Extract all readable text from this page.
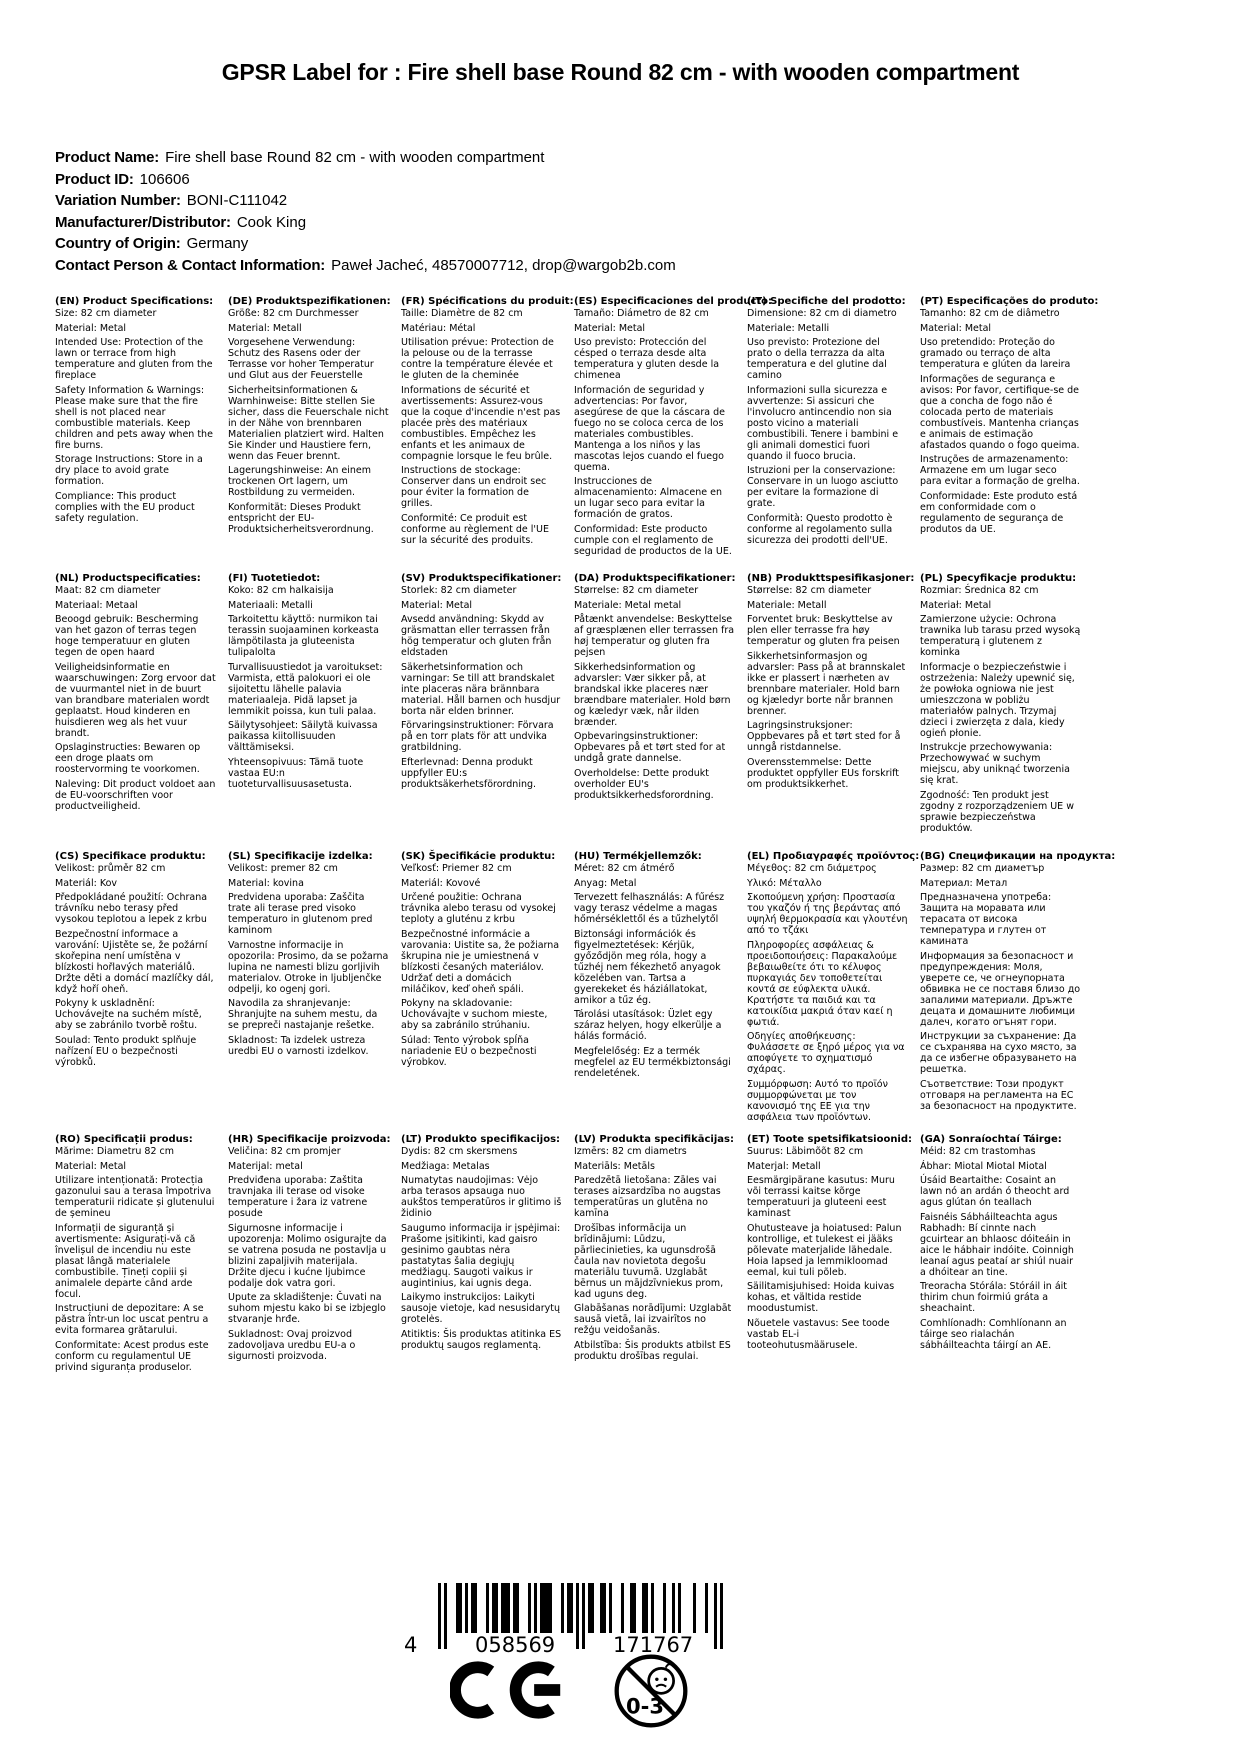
GPSR Label for : Fire shell base Round 82 cm - with wooden compartment
Product Name: Fire shell base Round 82 cm - with wooden compartment
Product ID: 106606
Variation Number: BONI-C111042
Manufacturer/Distributor: Cook King
Country of Origin: Germany
Contact Person & Contact Information: Paweł Jacheć, 48570007712, drop@wargob2b.com

(EN) Product Specifications:

Size: 82 cm diameter

Material: Metal

Intended Use: Protection of the lawn or terrace from high temperature and gluten from the fireplace

Safety Information & Warnings: Please make sure that the fire shell is not placed near combustible materials. Keep children and pets away when the fire burns.

Storage Instructions: Store in a dry place to avoid grate formation.

Compliance: This product complies with the EU product safety regulation.

(DE) Produktspezifikationen:

Größe: 82 cm Durchmesser

Material: Metall

Vorgesehene Verwendung: Schutz des Rasens oder der Terrasse vor hoher Temperatur und Glut aus der Feuerstelle

Sicherheitsinformationen & Warnhinweise: Bitte stellen Sie sicher, dass die Feuerschale nicht in der Nähe von brennbaren Materialien platziert wird. Halten Sie Kinder und Haustiere fern, wenn das Feuer brennt.

Lagerungshinweise: An einem trockenen Ort lagern, um Rostbildung zu vermeiden.

Konformität: Dieses Produkt entspricht der EU-Produktsicherheitsverordnung.

(FR) Spécifications du produit:

Taille: Diamètre de 82 cm

Matériau: Métal

Utilisation prévue: Protection de la pelouse ou de la terrasse contre la température élevée et le gluten de la cheminée

Informations de sécurité et avertissements: Assurez-vous que la coque d'incendie n'est pas placée près des matériaux combustibles. Empêchez les enfants et les animaux de compagnie lorsque le feu brûle.

Instructions de stockage: Conserver dans un endroit sec pour éviter la formation de grilles.

Conformité: Ce produit est conforme au règlement de l'UE sur la sécurité des produits.

(ES) Especificaciones del producto:

Tamaño: Diámetro de 82 cm

Material: Metal

Uso previsto: Protección del césped o terraza desde alta temperatura y gluten desde la chimenea

Información de seguridad y advertencias: Por favor, asegúrese de que la cáscara de fuego no se coloca cerca de los materiales combustibles. Mantenga a los niños y las mascotas lejos cuando el fuego quema.

Instrucciones de almacenamiento: Almacene en un lugar seco para evitar la formación de gratos.

Conformidad: Este producto cumple con el reglamento de seguridad de productos de la UE.

(IT) Specifiche del prodotto:

Dimensione: 82 cm di diametro

Materiale: Metalli

Uso previsto: Protezione del prato o della terrazza da alta temperatura e del glutine dal camino

Informazioni sulla sicurezza e avvertenze: Si assicuri che l'involucro antincendio non sia posto vicino a materiali combustibili. Tenere i bambini e gli animali domestici fuori quando il fuoco brucia.

Istruzioni per la conservazione: Conservare in un luogo asciutto per evitare la formazione di grate.

Conformità: Questo prodotto è conforme al regolamento sulla sicurezza dei prodotti dell'UE.

(PT) Especificações do produto:

Tamanho: 82 cm de diâmetro

Material: Metal

Uso pretendido: Proteção do gramado ou terraço de alta temperatura e glúten da lareira

Informações de segurança e avisos: Por favor, certifique-se de que a concha de fogo não é colocada perto de materiais combustíveis. Mantenha crianças e animais de estimação afastados quando o fogo queima.

Instruções de armazenamento: Armazene em um lugar seco para evitar a formação de grelha.

Conformidade: Este produto está em conformidade com o regulamento de segurança de produtos da UE.

(NL) Productspecificaties:

Maat: 82 cm diameter

Materiaal: Metaal

Beoogd gebruik: Bescherming van het gazon of terras tegen hoge temperatuur en gluten tegen de open haard

Veiligheidsinformatie en waarschuwingen: Zorg ervoor dat de vuurmantel niet in de buurt van brandbare materialen wordt geplaatst. Houd kinderen en huisdieren weg als het vuur brandt.

Opslaginstructies: Bewaren op een droge plaats om roostervorming te voorkomen.

Naleving: Dit product voldoet aan de EU-voorschriften voor productveiligheid.

(FI) Tuotetiedot:

Koko: 82 cm halkaisija

Materiaali: Metalli

Tarkoitettu käyttö: nurmikon tai terassin suojaaminen korkeasta lämpötilasta ja gluteenista tulipalolta

Turvallisuustiedot ja varoitukset: Varmista, että palokuori ei ole sijoitettu lähelle palavia materiaaleja. Pidä lapset ja lemmikit poissa, kun tuli palaa.

Säilytysohjeet: Säilytä kuivassa paikassa kiitollisuuden välttämiseksi.

Yhteensopivuus: Tämä tuote vastaa EU:n tuoteturvallisuusasetusta.

(SV) Produktspecifikationer:

Storlek: 82 cm diameter

Material: Metal

Avsedd användning: Skydd av gräsmattan eller terrassen från hög temperatur och gluten från eldstaden

Säkerhetsinformation och varningar: Se till att brandskalet inte placeras nära brännbara material. Håll barnen och husdjur borta när elden brinner.

Förvaringsinstruktioner: Förvara på en torr plats för att undvika gratbildning.

Efterlevnad: Denna produkt uppfyller EU:s produktsäkerhetsförordning.

(DA) Produktspecifikationer:

Størrelse: 82 cm diameter

Materiale: Metal metal

Påtænkt anvendelse: Beskyttelse af græsplænen eller terrassen fra høj temperatur og gluten fra pejsen

Sikkerhedsinformation og advarsler: Vær sikker på, at brandskal ikke placeres nær brændbare materialer. Hold børn og kæledyr væk, når ilden brænder.

Opbevaringsinstruktioner: Opbevares på et tørt sted for at undgå grate dannelse.

Overholdelse: Dette produkt overholder EU's produktsikkerhedsforordning.

(NB) Produkttspesifikasjoner:

Størrelse: 82 cm diameter

Materiale: Metall

Forventet bruk: Beskyttelse av plen eller terrasse fra høy temperatur og gluten fra peisen

Sikkerhetsinformasjon og advarsler: Pass på at brannskalet ikke er plassert i nærheten av brennbare materialer. Hold barn og kjæledyr borte når brannen brenner.

Lagringsinstruksjoner: Oppbevares på et tørt sted for å unngå ristdannelse.

Overensstemmelse: Dette produktet oppfyller EUs forskrift om produktsikkerhet.

(PL) Specyfikacje produktu:

Rozmiar: Średnica 82 cm

Materiał: Metal

Zamierzone użycie: Ochrona trawnika lub tarasu przed wysoką temperaturą i glutenem z kominka

Informacje o bezpieczeństwie i ostrzeżenia: Należy upewnić się, że powłoka ogniowa nie jest umieszczona w pobliżu materiałów palnych. Trzymaj dzieci i zwierzęta z dala, kiedy ogień płonie.

Instrukcje przechowywania: Przechowywać w suchym miejscu, aby uniknąć tworzenia się krat.

Zgodność: Ten produkt jest zgodny z rozporządzeniem UE w sprawie bezpieczeństwa produktów.

(CS) Specifikace produktu:

Velikost: průměr 82 cm

Materiál: Kov

Předpokládané použití: Ochrana trávníku nebo terasy před vysokou teplotou a lepek z krbu

Bezpečnostní informace a varování: Ujistěte se, že požární skořepina není umístěna v blízkosti hořlavých materiálů. Držte děti a domácí mazlíčky dál, když hoří oheň.

Pokyny k uskladnění: Uchovávejte na suchém místě, aby se zabránilo tvorbě roštu.

Soulad: Tento produkt splňuje nařízení EU o bezpečnosti výrobků.

(SL) Specifikacije izdelka:

Velikost: premer 82 cm

Material: kovina

Predvidena uporaba: Zaščita trate ali terase pred visoko temperaturo in glutenom pred kaminom

Varnostne informacije in opozorila: Prosimo, da se požarna lupina ne namesti blizu gorljivih materialov. Otroke in ljubljenčke odpelji, ko ogenj gori.

Navodila za shranjevanje: Shranjujte na suhem mestu, da se prepreči nastajanje rešetke.

Skladnost: Ta izdelek ustreza uredbi EU o varnosti izdelkov.

(SK) Špecifikácie produktu:

Veľkosť: Priemer 82 cm

Materiál: Kovové

Určené použitie: Ochrana trávnika alebo terasu od vysokej teploty a gluténu z krbu

Bezpečnostné informácie a varovania: Uistite sa, že požiarna škrupina nie je umiestnená v blízkosti česaných materiálov. Udržať deti a domácich miláčikov, keď oheň spáli.

Pokyny na skladovanie: Uchovávajte v suchom mieste, aby sa zabránilo strúhaniu.

Súlad: Tento výrobok spĺňa nariadenie EÚ o bezpečnosti výrobkov.

(HU) Termékjellemzők:

Méret: 82 cm átmérő

Anyag: Metal

Tervezett felhasználás: A fűrész vagy terasz védelme a magas hőmérséklettől és a tűzhelytől

Biztonsági információk és figyelmeztetések: Kérjük, győződjön meg róla, hogy a tűzhéj nem fékezhető anyagok közelében van. Tartsa a gyerekeket és háziállatokat, amikor a tűz ég.

Tárolási utasítások: Üzlet egy száraz helyen, hogy elkerülje a hálás formáció.

Megfelelőség: Ez a termék megfelel az EU termékbiztonsági rendeletének.

(EL) Προδιαγραφές προϊόντος:

Μέγεθος: 82 cm διάμετρος

Υλικό: Μέταλλο

Σκοπούμενη χρήση: Προστασία του γκαζόν ή της βεράντας από υψηλή θερμοκρασία και γλουτένη από το τζάκι

Πληροφορίες ασφάλειας & προειδοποιήσεις: Παρακαλούμε βεβαιωθείτε ότι το κέλυφος πυρκαγιάς δεν τοποθετείται κοντά σε εύφλεκτα υλικά. Κρατήστε τα παιδιά και τα κατοικίδια μακριά όταν καεί η φωτιά.

Οδηγίες αποθήκευσης: Φυλάσσετε σε ξηρό μέρος για να αποφύγετε το σχηματισμό σχάρας.

Συμμόρφωση: Αυτό το προϊόν συμμορφώνεται με τον κανονισμό της ΕΕ για την ασφάλεια των προϊόντων.

(BG) Спецификации на продукта:

Размер: 82 cm диаметър

Материал: Метал

Предназначена употреба: Защита на моравата или терасата от висока температура и глутен от камината

Информация за безопасност и предупреждения: Моля, уверете се, че огнеупорната обвивка не се поставя близо до запалими материали. Дръжте децата и домашните любимци далеч, когато огънят гори.

Инструкции за съхранение: Да се съхранява на сухо място, за да се избегне образуването на решетка.

Съответствие: Този продукт отговаря на регламента на ЕС за безопасност на продуктите.

(RO) Specificații produs:

Mărime: Diametru 82 cm

Material: Metal

Utilizare intenționată: Protecția gazonului sau a terasa împotriva temperaturii ridicate și glutenului de șemineu

Informații de siguranță și avertismente: Asigurați-vă că învelișul de incendiu nu este plasat lângă materialele combustibile. Țineți copiii și animalele departe când arde focul.

Instrucțiuni de depozitare: A se păstra într-un loc uscat pentru a evita formarea grătarului.

Conformitate: Acest produs este conform cu regulamentul UE privind siguranța produselor.

(HR) Specifikacije proizvoda:

Veličina: 82 cm promjer

Materijal: metal

Predviđena uporaba: Zaštita travnjaka ili terase od visoke temperature i žara iz vatrene posude

Sigurnosne informacije i upozorenja: Molimo osigurajte da se vatrena posuda ne postavlja u blizini zapaljivih materijala. Držite djecu i kućne ljubimce podalje dok vatra gori.

Upute za skladištenje: Čuvati na suhom mjestu kako bi se izbjeglo stvaranje hrđe.

Sukladnost: Ovaj proizvod zadovoljava uredbu EU-a o sigurnosti proizvoda.

(LT) Produkto specifikacijos:

Dydis: 82 cm skersmens

Medžiaga: Metalas

Numatytas naudojimas: Vėjo arba terasos apsauga nuo aukštos temperatūros ir glitimo iš židinio

Saugumo informacija ir įspėjimai: Prašome įsitikinti, kad gaisro gesinimo gaubtas nėra pastatytas šalia degiųjų medžiagų. Saugoti vaikus ir augintinius, kai ugnis dega.

Laikymo instrukcijos: Laikyti sausoje vietoje, kad nesusidarytų grotelės.

Atitiktis: Šis produktas atitinka ES produktų saugos reglamentą.

(LV) Produkta specifikācijas:

Izmērs: 82 cm diametrs

Materiāls: Metāls

Paredzētā lietošana: Zāles vai terases aizsardzība no augstas temperatūras un glutēna no kamīna

Drošības informācija un brīdinājumi: Lūdzu, pārliecinieties, ka ugunsdrošā čaula nav novietota degošu materiālu tuvumā. Uzglabāt bērnus un mājdzīvniekus prom, kad uguns deg.

Glabāšanas norādījumi: Uzglabāt sausā vietā, lai izvairītos no režģu veidošanās.

Atbilstība: Šis produkts atbilst ES produktu drošības regulai.

(ET) Toote spetsifikatsioonid:

Suurus: Läbimõõt 82 cm

Materjal: Metall

Eesmärgipärane kasutus: Muru või terrassi kaitse kõrge temperatuuri ja gluteeni eest kaminast

Ohutusteave ja hoiatused: Palun kontrollige, et tulekest ei jääks põlevate materjalide lähedale. Hoia lapsed ja lemmikloomad eemal, kui tuli põleb.

Säilitamisjuhised: Hoida kuivas kohas, et vältida restide moodustumist.

Nõuetele vastavus: See toode vastab EL-i tooteohutusmäärusele.

(GA) Sonraíochtaí Táirge:

Méid: 82 cm trastomhas

Ábhar: Miotal Miotal Miotal

Úsáid Beartaithe: Cosaint an lawn nó an ardán ó theocht ard agus glútan ón teallach

Faisnéis Sábháilteachta agus Rabhadh: Bí cinnte nach gcuirtear an bhlaosc dóiteáin in aice le hábhair indóite. Coinnigh leanaí agus peataí ar shiúl nuair a dhóitear an tine.

Treoracha Stórála: Stóráil in áit thirim chun foirmiú gráta a sheachaint.

Comhlíonadh: Comhlíonann an táirge seo rialachán sábháilteachta táirgí an AE.

4	058569	171767
0-3
